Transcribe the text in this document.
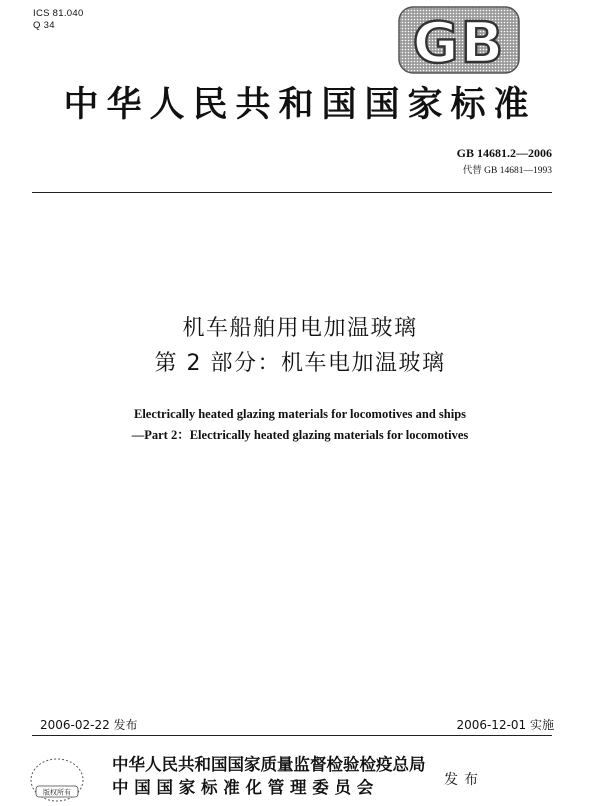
ICS 81.040
Q 34	GB
中华人民共和国国家标准
GB 14681.2—2006
代替 GB 14681—1993
机车船舶用电加温玻璃
第 2 部分：机车电加温玻璃
Electrically heated glazing materials for locomotives and ships
—Part 2：Electrically heated glazing materials for locomotives
2006-02-22 发布	2006-12-01 实施
中华人民共和国国家质量监督检验检疫总局
中 国 国 家 标 准 化 管 理 委 员 会	发布
版权所有
